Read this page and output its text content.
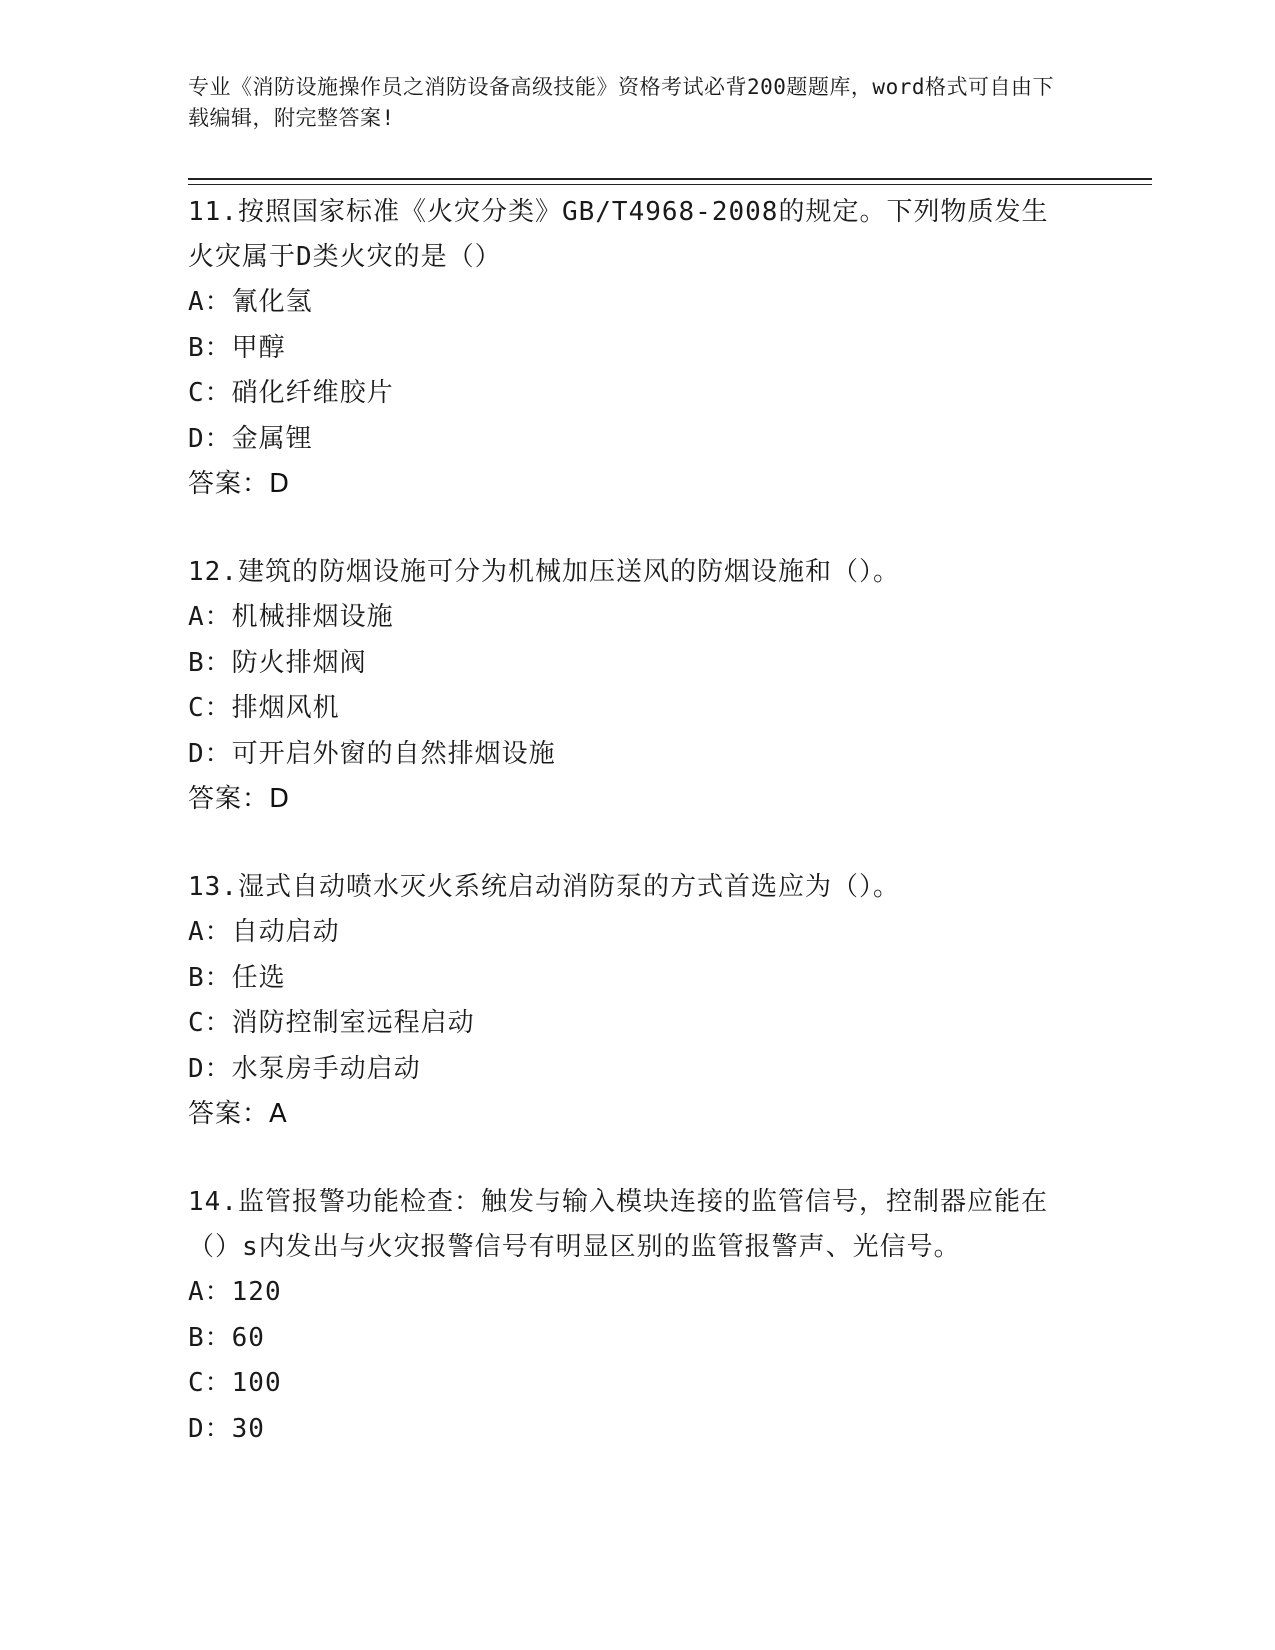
专业《消防设施操作员之消防设备高级技能》资格考试必背200题题库，word格式可自由下载编辑，附完整答案!
11.按照国家标准《火灾分类》GB/T4968-2008的规定。下列物质发生火灾属于D类火灾的是（）
A：氰化氢
B：甲醇
C：硝化纤维胶片
D：金属锂
答案：D
12.建筑的防烟设施可分为机械加压送风的防烟设施和（）。
A：机械排烟设施
B：防火排烟阀
C：排烟风机
D：可开启外窗的自然排烟设施
答案：D
13.湿式自动喷水灭火系统启动消防泵的方式首选应为（）。
A：自动启动
B：任选
C：消防控制室远程启动
D：水泵房手动启动
答案：A
14.监管报警功能检查：触发与输入模块连接的监管信号，控制器应能在（）s内发出与火灾报警信号有明显区别的监管报警声、光信号。
A：120
B：60
C：100
D：30
